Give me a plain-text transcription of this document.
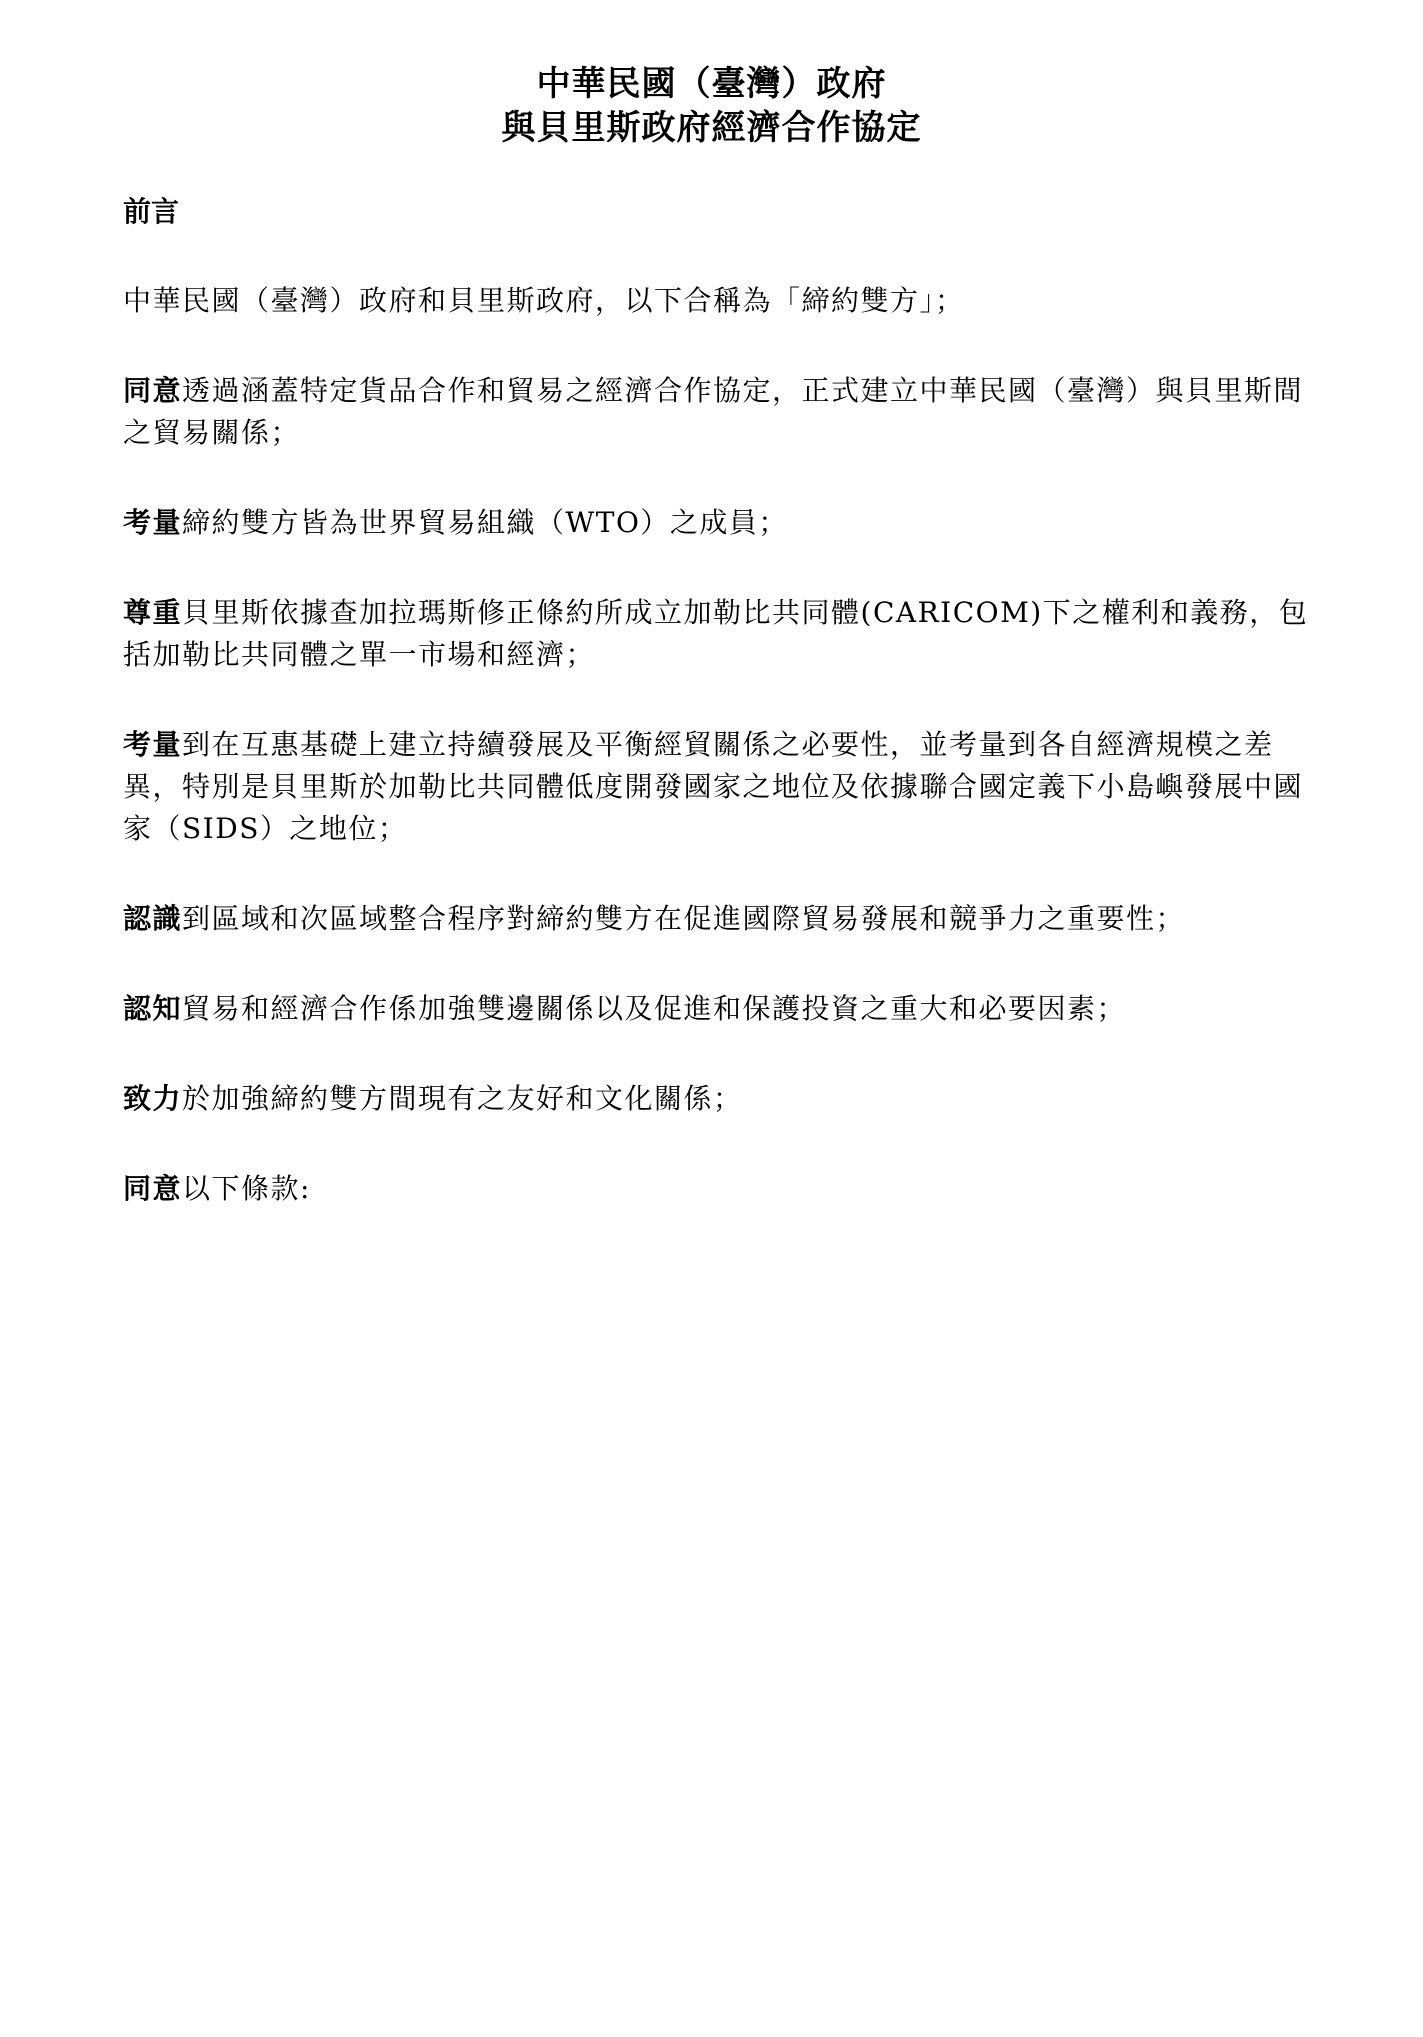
中華民國（臺灣）政府
與貝里斯政府經濟合作協定
前言

中華民國（臺灣）政府和貝里斯政府，以下合稱為「締約雙方」；

同意透過涵蓋特定貨品合作和貿易之經濟合作協定，正式建立中華民國（臺灣）與貝里斯間之貿易關係；

考量締約雙方皆為世界貿易組織（WTO）之成員；

尊重貝里斯依據查加拉瑪斯修正條約所成立加勒比共同體(CARICOM)下之權利和義務，包括加勒比共同體之單一市場和經濟；

考量到在互惠基礎上建立持續發展及平衡經貿關係之必要性，並考量到各自經濟規模之差異，特別是貝里斯於加勒比共同體低度開發國家之地位及依據聯合國定義下小島嶼發展中國家（SIDS）之地位；

認識到區域和次區域整合程序對締約雙方在促進國際貿易發展和競爭力之重要性；

認知貿易和經濟合作係加強雙邊關係以及促進和保護投資之重大和必要因素；

致力於加強締約雙方間現有之友好和文化關係；

同意以下條款:
